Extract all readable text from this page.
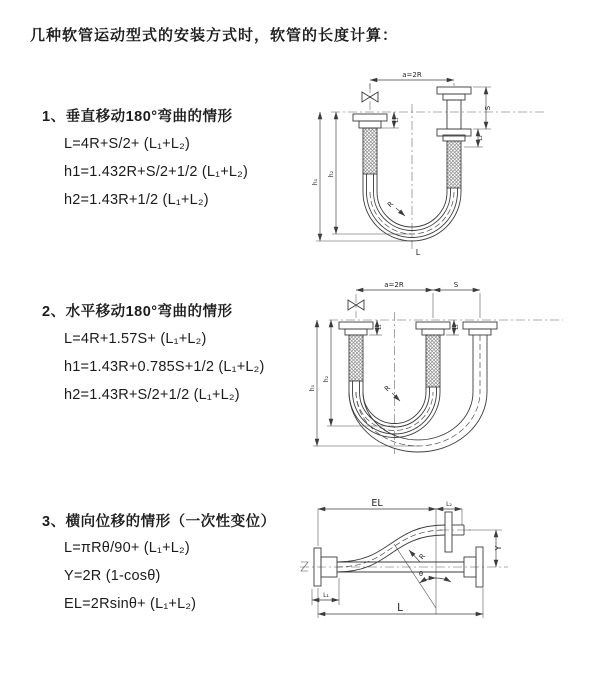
几种软管运动型式的安装方式时，软管的长度计算：
1、垂直移动180°弯曲的情形
L=4R+S/2+ (L₁+L₂)
h1=1.432R+S/2+1/2 (L₁+L₂)
h2=1.43R+1/2 (L₁+L₂)
2、水平移动180°弯曲的情形
L=4R+1.57S+ (L₁+L₂)
h1=1.43R+0.785S+1/2 (L₁+L₂)
h2=1.43R+S/2+1/2 (L₁+L₂)
3、横向位移的情形（一次性变位）
L=πRθ/90+ (L₁+L₂)
Y=2R (1-cosθ)
EL=2Rsinθ+ (L₁+L₂)
a=2R
h₁
h₂
L₁
S
L₂
R
L
a=2R	S
h₁
h₂
L₁	L₂
R
EL	L₂
Y
L
L₁
θ
R
